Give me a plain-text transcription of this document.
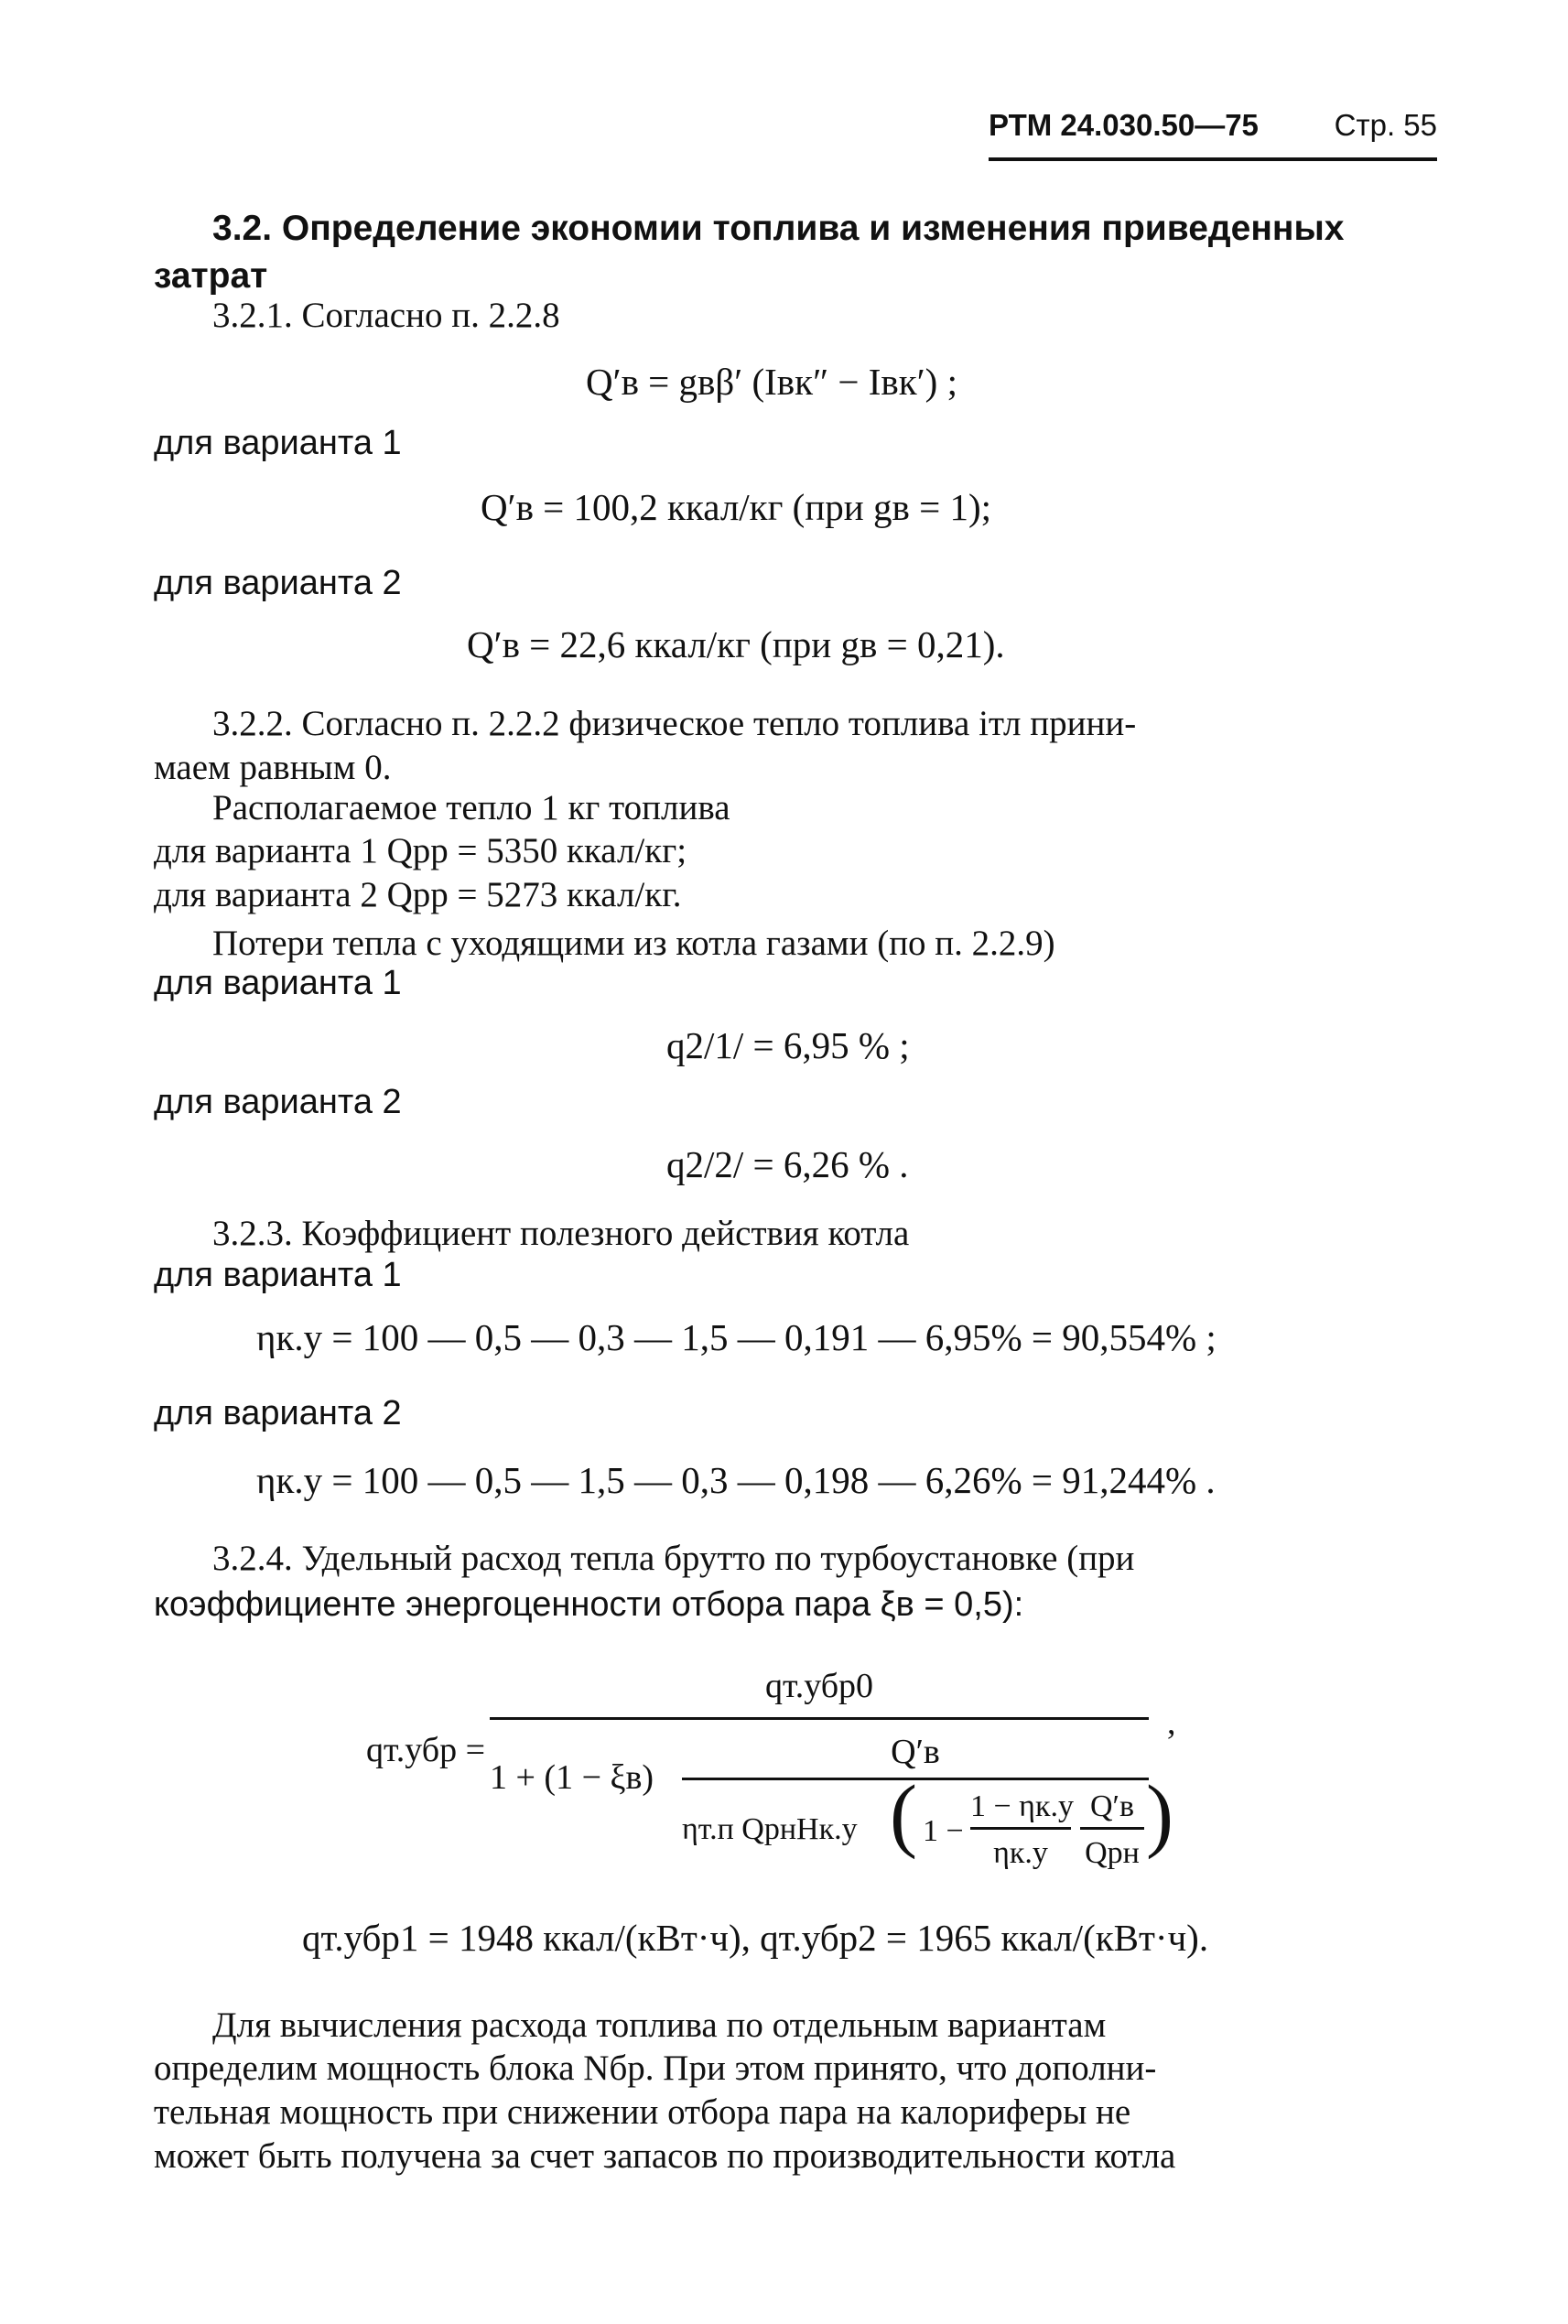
РТМ 24.030.50—75	Стр. 55
3.2. Определение экономии топлива и изменения приведенных
затрат
3.2.1. Согласно п. 2.2.8
Q′в = gвβ′ (Iвк″ − Iвк′) ;
для варианта 1
Q′в = 100,2 ккал/кг (при gв = 1);
для варианта 2
Q′в = 22,6 ккал/кг (при gв = 0,21).
3.2.2. Согласно п. 2.2.2 физическое тепло топлива iтл прини-
маем равным 0.
Располагаемое тепло 1 кг топлива
для варианта 1 Qрр = 5350 ккал/кг;
для варианта 2 Qрр = 5273 ккал/кг.
Потери тепла с уходящими из котла газами (по п. 2.2.9)
для варианта 1
q2/1/ = 6,95 % ;
для варианта 2
q2/2/ = 6,26 % .
3.2.3. Коэффициент полезного действия котла
для варианта 1
ηк.у = 100 — 0,5 — 0,3 — 1,5 — 0,191 — 6,95% = 90,554% ;
для варианта 2
ηк.у = 100 — 0,5 — 1,5 — 0,3 — 0,198 — 6,26% = 91,244% .
3.2.4. Удельный расход тепла брутто по турбоустановке (при
коэффициенте энергоценности отбора пара ξв = 0,5):
qт.убр =
qт.убр0
1 + (1 − ξв)
Q′в
ηт.п QрнΗк.у ( 1 −
1 − ηк.у
ηк.у
Q′в
Qрн )
,
qт.убр1 = 1948 ккал/(кВт·ч), qт.убр2 = 1965 ккал/(кВт·ч).
Для вычисления расхода топлива по отдельным вариантам
определим мощность блока Nбр. При этом принято, что дополни-
тельная мощность при снижении отбора пара на калориферы не
может быть получена за счет запасов по производительности котла
